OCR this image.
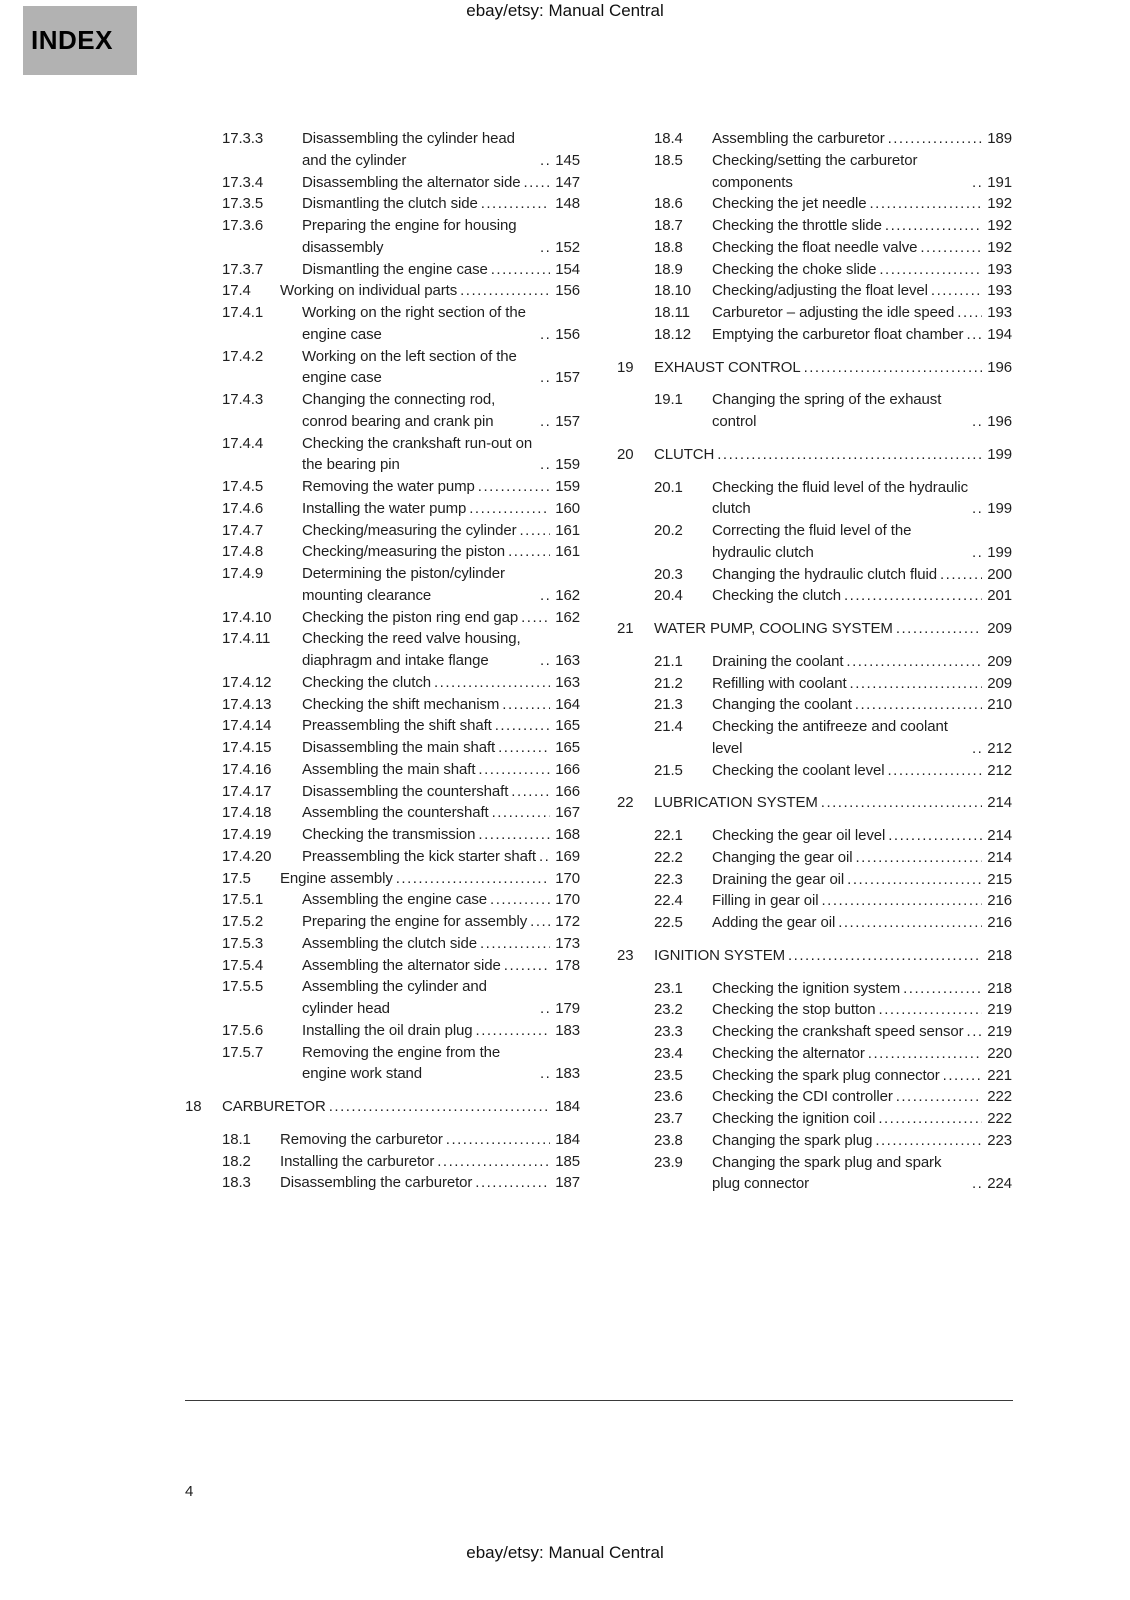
ebay/etsy: Manual Central
INDEX
17.3.3	Disassembling the cylinder head and the cylinder .....	145
17.3.4	Disassembling the alternator side ..... 147
17.3.5	Dismantling the clutch side .....	148
17.3.6	Preparing the engine for housing disassembly .....	152
17.3.7	Dismantling the engine case .....	154
17.4	Working on individual parts .....	156
17.4.1	Working on the right section of the engine case .....	156
17.4.2	Working on the left section of the engine case .....	157
17.4.3	Changing the connecting rod, conrod bearing and crank pin .....	157
17.4.4	Checking the crankshaft run-out on the bearing pin .....	159
17.4.5	Removing the water pump .....	159
17.4.6	Installing the water pump .....	160
17.4.7	Checking/measuring the cylinder .....	161
17.4.8	Checking/measuring the piston .....	161
17.4.9	Determining the piston/cylinder mounting clearance .....	162
17.4.10	Checking the piston ring end gap ..... 162
17.4.11	Checking the reed valve housing, diaphragm and intake flange .....	163
17.4.12	Checking the clutch .....	163
17.4.13	Checking the shift mechanism .....	164
17.4.14	Preassembling the shift shaft .....	165
17.4.15	Disassembling the main shaft .....	165
17.4.16	Assembling the main shaft .....	166
17.4.17	Disassembling the countershaft .....	166
17.4.18	Assembling the countershaft .....	167
17.4.19	Checking the transmission .....	168
17.4.20	Preassembling the kick starter shaft ..... 169
17.5	Engine assembly .....	170
17.5.1	Assembling the engine case .....	170
17.5.2	Preparing the engine for assembly ..... 172
17.5.3	Assembling the clutch side .....	173
17.5.4	Assembling the alternator side .....	178
17.5.5	Assembling the cylinder and cylinder head .....	179
17.5.6	Installing the oil drain plug .....	183
17.5.7	Removing the engine from the engine work stand .....	183
18	CARBURETOR .....	184
18.1	Removing the carburetor .....	184
18.2	Installing the carburetor .....	185
18.3	Disassembling the carburetor .....	187
18.4	Assembling the carburetor .....	189
18.5	Checking/setting the carburetor components .....	191
18.6	Checking the jet needle .....	192
18.7	Checking the throttle slide .....	192
18.8	Checking the float needle valve .....	192
18.9	Checking the choke slide .....	193
18.10	Checking/adjusting the float level .....	193
18.11	Carburetor – adjusting the idle speed ..... 193
18.12	Emptying the carburetor float chamber ..... 194
19	EXHAUST CONTROL .....	196
19.1	Changing the spring of the exhaust control .....	196
20	CLUTCH .....	199
20.1	Checking the fluid level of the hydraulic clutch .....	199
20.2	Correcting the fluid level of the hydraulic clutch .....	199
20.3	Changing the hydraulic clutch fluid .....	200
20.4	Checking the clutch .....	201
21	WATER PUMP, COOLING SYSTEM .....	209
21.1	Draining the coolant .....	209
21.2	Refilling with coolant .....	209
21.3	Changing the coolant .....	210
21.4	Checking the antifreeze and coolant level .....	212
21.5	Checking the coolant level .....	212
22	LUBRICATION SYSTEM .....	214
22.1	Checking the gear oil level .....	214
22.2	Changing the gear oil .....	214
22.3	Draining the gear oil .....	215
22.4	Filling in gear oil .....	216
22.5	Adding the gear oil .....	216
23	IGNITION SYSTEM .....	218
23.1	Checking the ignition system .....	218
23.2	Checking the stop button .....	219
23.3	Checking the crankshaft speed sensor ..... 219
23.4	Checking the alternator .....	220
23.5	Checking the spark plug connector .....	221
23.6	Checking the CDI controller .....	222
23.7	Checking the ignition coil .....	222
23.8	Changing the spark plug .....	223
23.9	Changing the spark plug and spark plug connector .....	224
4
ebay/etsy: Manual Central
